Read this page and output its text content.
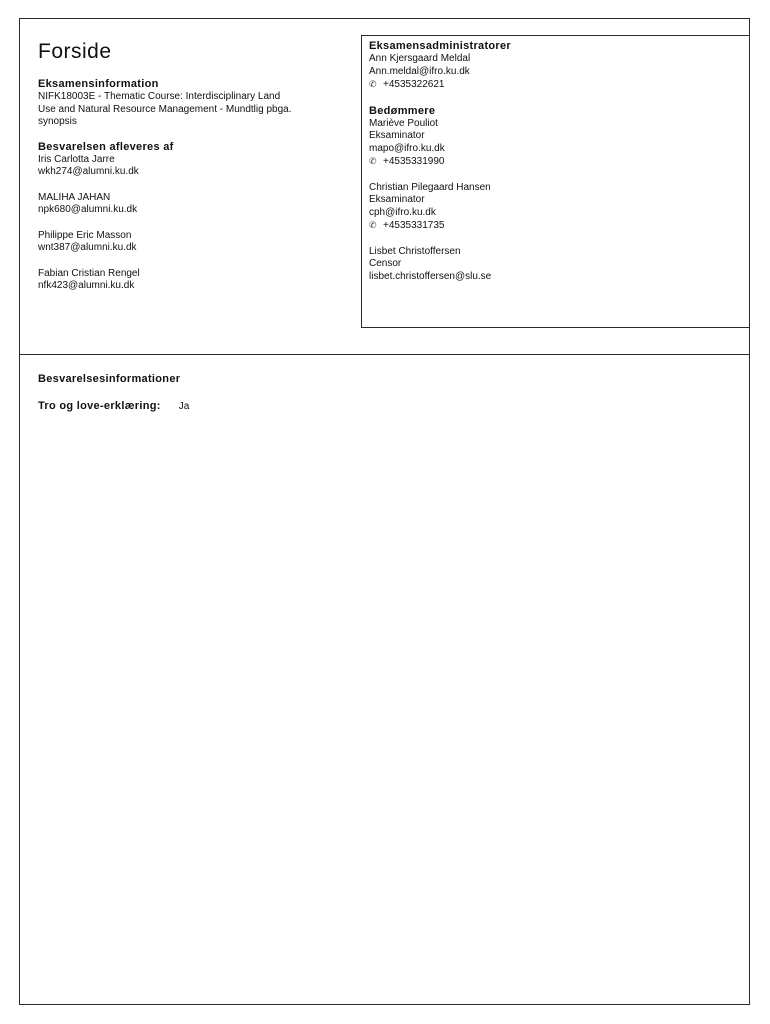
Forside
Eksamensinformation
NIFK18003E - Thematic Course: Interdisciplinary Land
Use and Natural Resource Management - Mundtlig pbga.
synopsis
Besvarelsen afleveres af
Iris Carlotta Jarre
wkh274@alumni.ku.dk
MALIHA JAHAN
npk680@alumni.ku.dk
Philippe Eric Masson
wnt387@alumni.ku.dk
Fabian Cristian Rengel
nfk423@alumni.ku.dk
Eksamensadministratorer
Ann Kjersgaard Meldal
Ann.meldal@ifro.ku.dk
✆ +4535322621
Bedømmere
Mariève Pouliot
Eksaminator
mapo@ifro.ku.dk
✆ +4535331990
Christian Pilegaard Hansen
Eksaminator
cph@ifro.ku.dk
✆ +4535331735
Lisbet Christoffersen
Censor
lisbet.christoffersen@slu.se
Besvarelsesinformationer
Tro og love-erklæring: Ja
